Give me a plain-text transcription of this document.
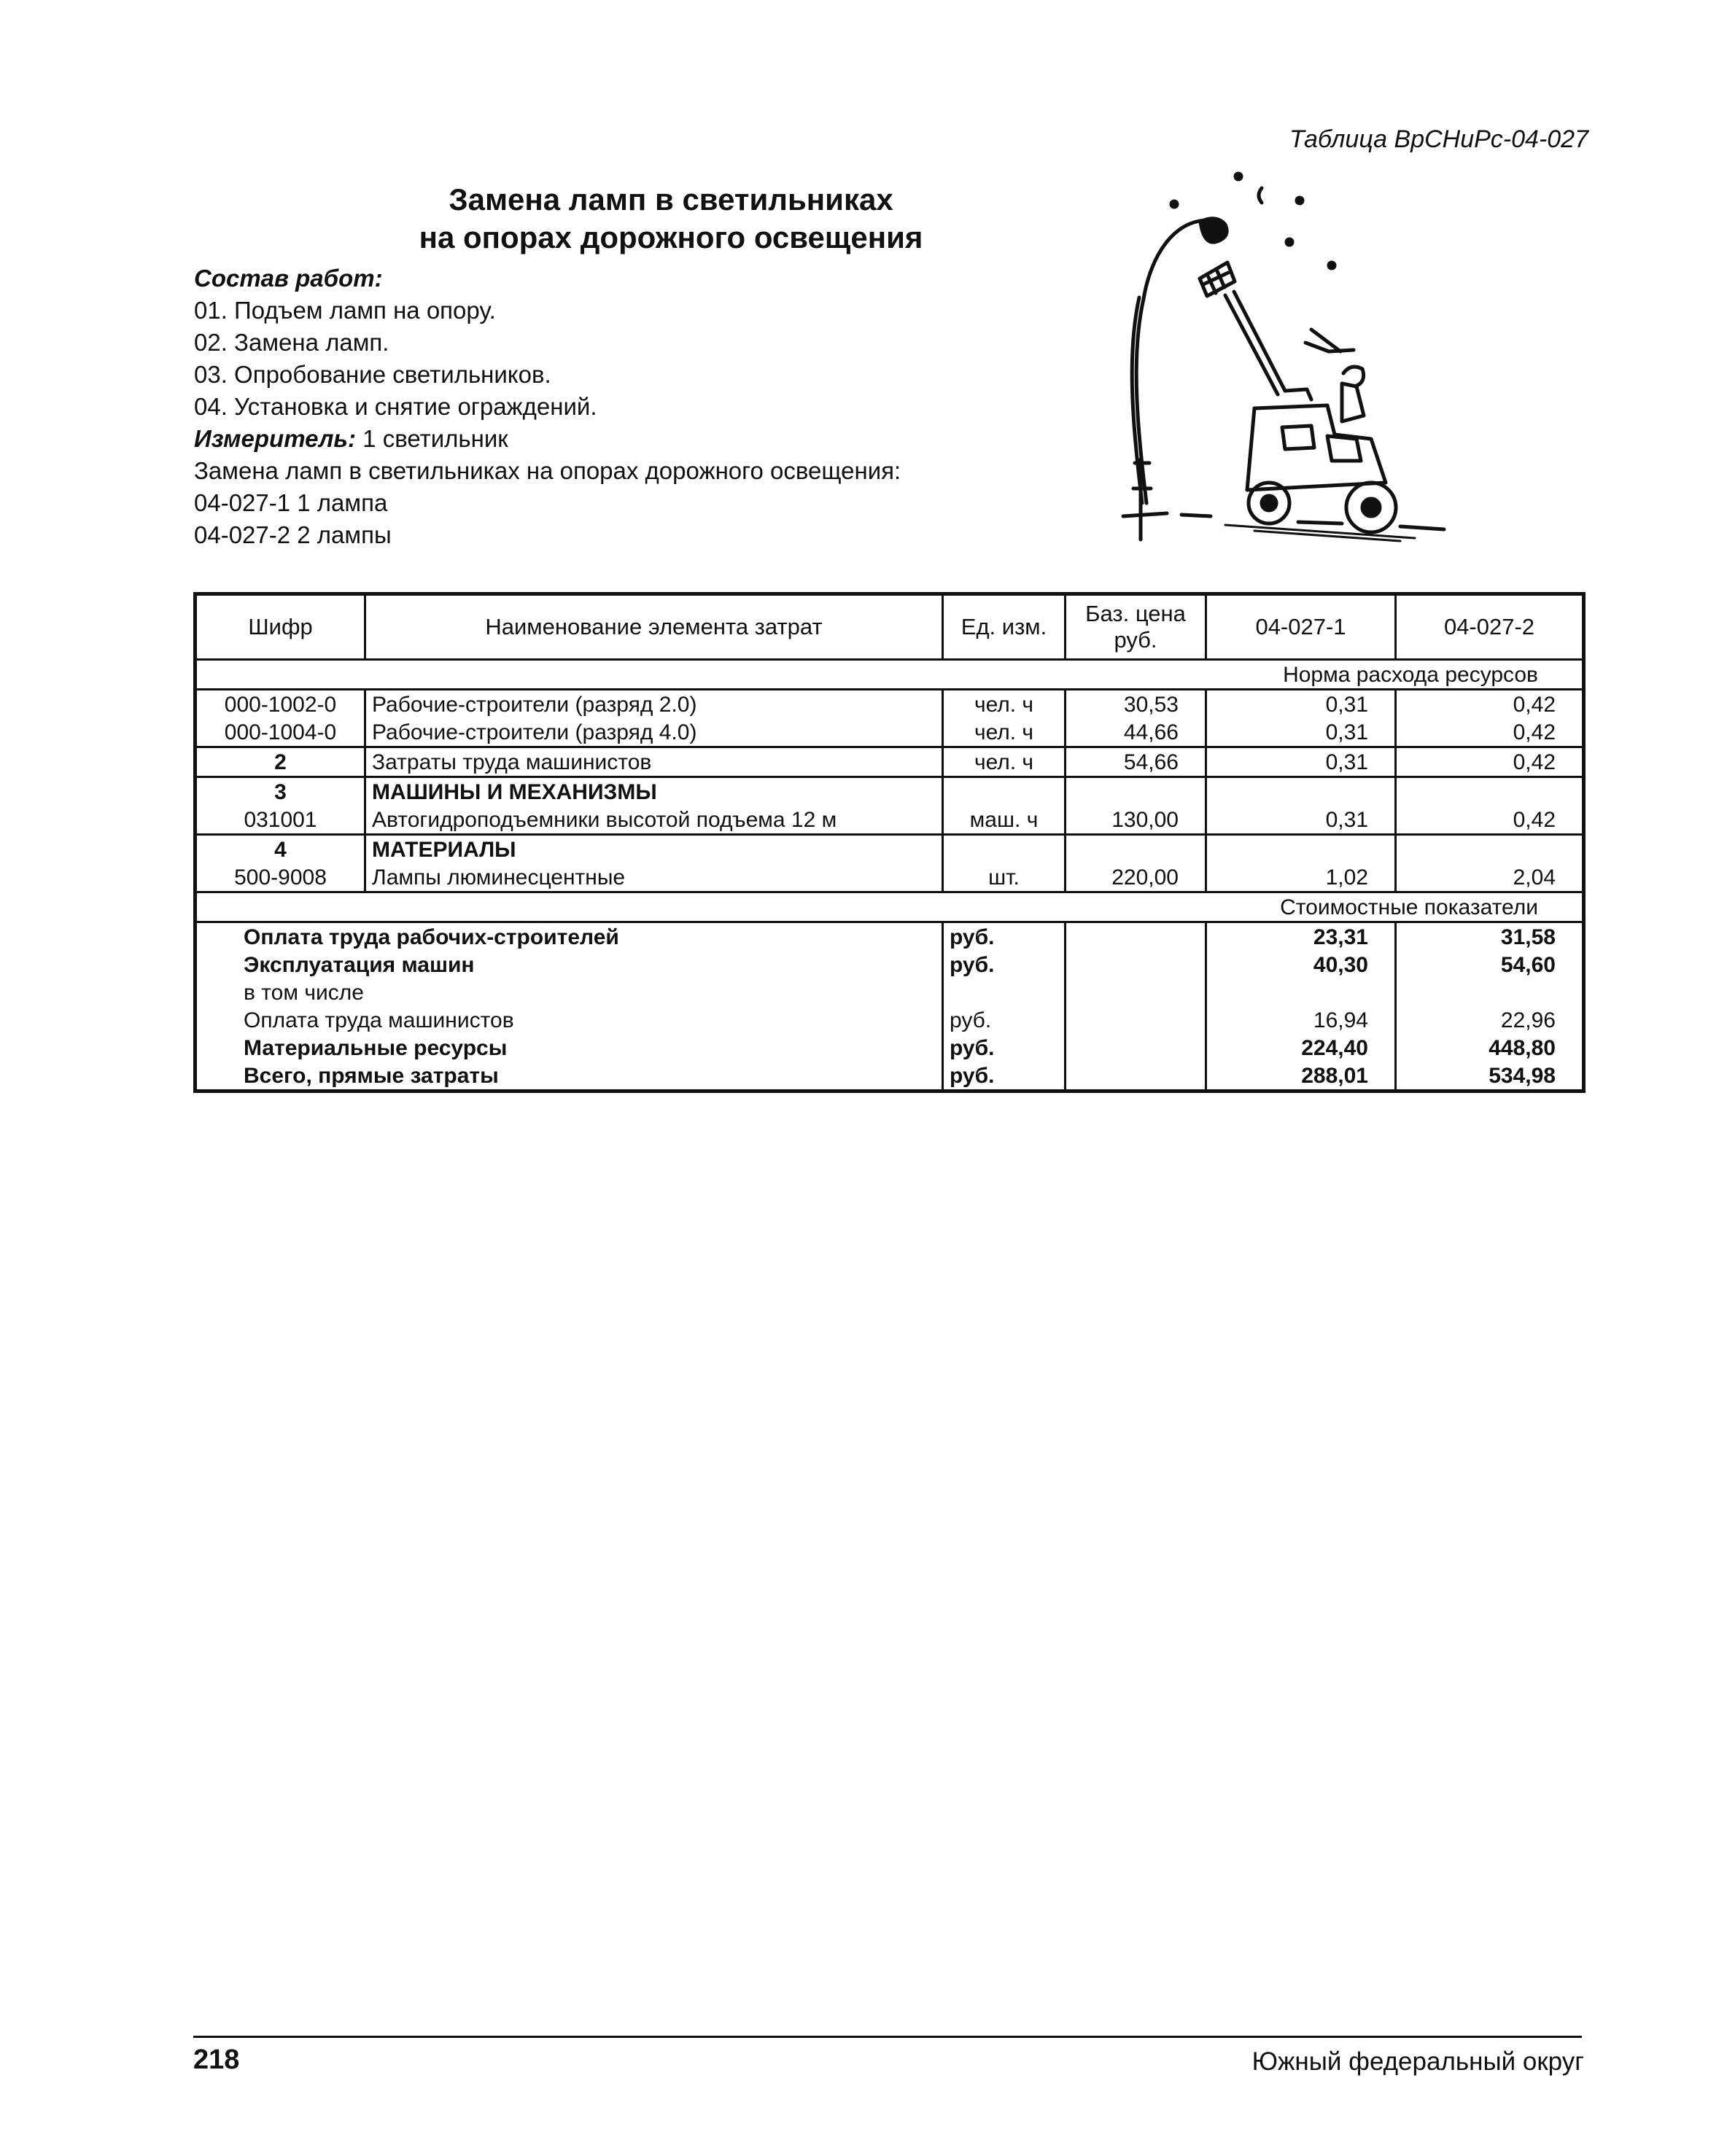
Таблица ВрСНиРс-04-027
Замена ламп в светильниках
на опорах дорожного освещения
Состав работ:
01. Подъем ламп на опору.
02. Замена ламп.
03. Опробование светильников.
04. Установка и снятие ограждений.
Измеритель: 1 светильник
Замена ламп в светильниках на опорах дорожного освещения:
04-027-1 1 лампа
04-027-2 2 лампы
Шифр	Наименование элемента затрат	Ед. изм.	Баз. цена руб.	04-027-1	04-027-2
Норма расхода ресурсов					
000-1002-0	Рабочие-строители (разряд 2.0)	чел. ч	30,53	0,31	0,42
000-1004-0	Рабочие-строители (разряд 4.0)	чел. ч	44,66	0,31	0,42
2	Затраты труда машинистов	чел. ч	54,66	0,31	0,42
3	МАШИНЫ И МЕХАНИЗМЫ				
031001	Автогидроподъемники высотой подъема 12 м	маш. ч	130,00	0,31	0,42
4	МАТЕРИАЛЫ				
500-9008	Лампы люминесцентные	шт.	220,00	1,02	2,04
Стоимостные показатели					
Оплата труда рабочих-строителей		руб.		23,31	31,58
Эксплуатация машин		руб.		40,30	54,60
в том числе					
Оплата труда машинистов		руб.		16,94	22,96
Материальные ресурсы		руб.		224,40	448,80
Всего, прямые затраты		руб.		288,01	534,98
218	Южный федеральный округ
